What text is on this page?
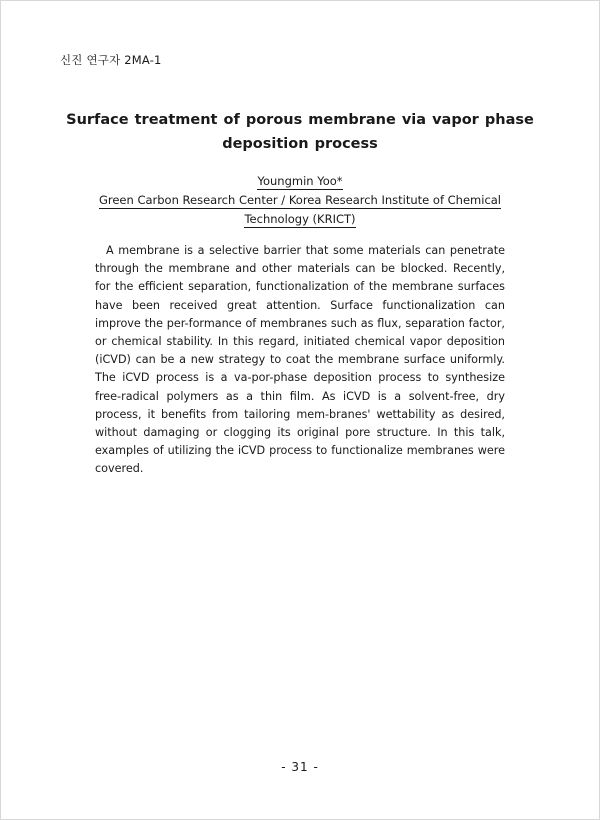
신진 연구자 2MA-1
Surface treatment of porous membrane via vapor phase
deposition process
Youngmin Yoo*
Green Carbon Research Center / Korea Research Institute of Chemical
Technology (KRICT)

A membrane is a selective barrier that some materials can penetrate through the membrane and other materials can be blocked. Recently, for the efficient separation, functionalization of the membrane surfaces have been received great attention. Surface functionalization can improve the per-formance of membranes such as flux, separation factor, or chemical stability. In this regard, initiated chemical vapor deposition (iCVD) can be a new strategy to coat the membrane surface uniformly. The iCVD process is a va-por-phase deposition process to synthesize free-radical polymers as a thin film. As iCVD is a solvent-free, dry process, it benefits from tailoring mem-branes' wettability as desired, without damaging or clogging its original pore structure. In this talk, examples of utilizing the iCVD process to functionalize membranes were covered.

- 31 -
